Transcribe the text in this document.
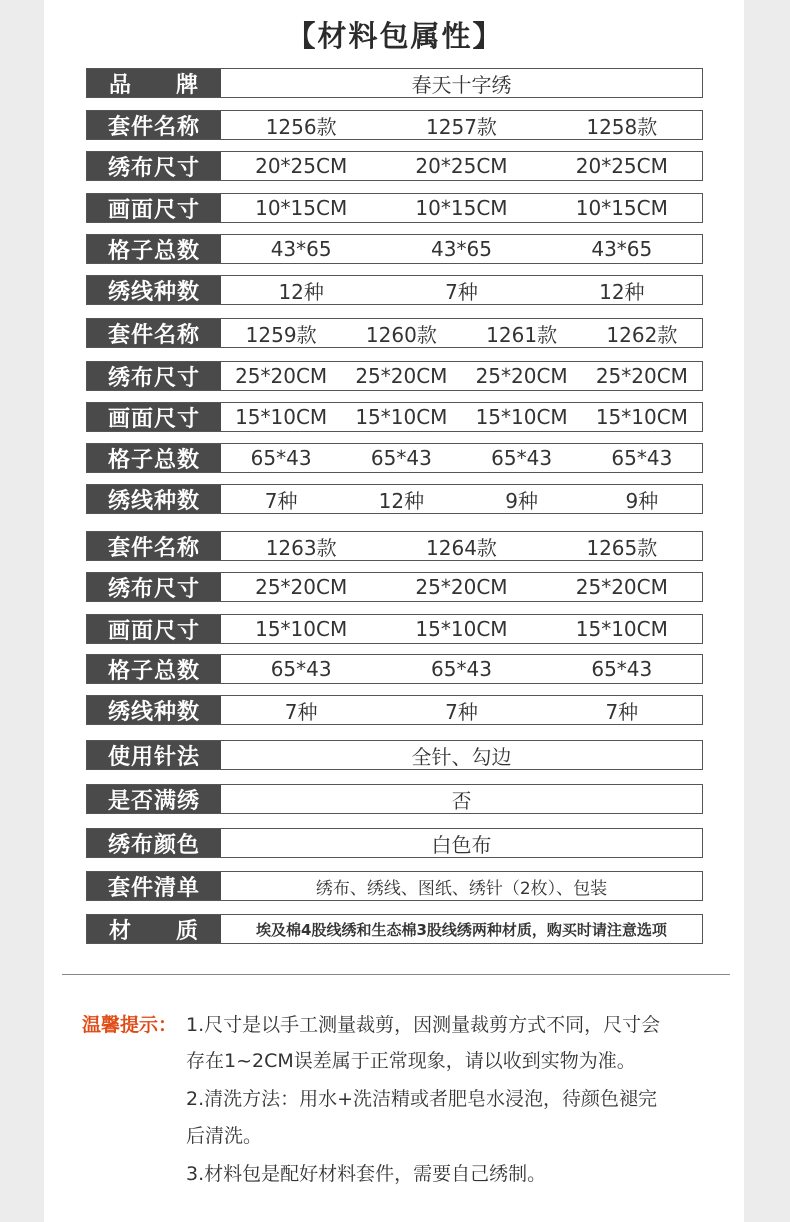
【材料包属性】
品 牌	春天十字绣
套件名称	1256款	1257款	1258款
绣布尺寸	20*25CM	20*25CM	20*25CM
画面尺寸	10*15CM	10*15CM	10*15CM
格子总数	43*65	43*65	43*65
绣线种数	12种	7种	12种
套件名称	1259款	1260款	1261款	1262款
绣布尺寸	25*20CM	25*20CM	25*20CM	25*20CM
画面尺寸	15*10CM	15*10CM	15*10CM	15*10CM
格子总数	65*43	65*43	65*43	65*43
绣线种数	7种	12种	9种	9种
套件名称	1263款	1264款	1265款
绣布尺寸	25*20CM	25*20CM	25*20CM
画面尺寸	15*10CM	15*10CM	15*10CM
格子总数	65*43	65*43	65*43
绣线种数	7种	7种	7种
使用针法	全针、勾边
是否满绣	否
绣布颜色	白色布
套件清单	绣布、绣线、图纸、绣针（2枚）、包装
材 质	埃及棉4股线绣和生态棉3股线绣两种材质，购买时请注意选项
温馨提示： 1.尺寸是以手工测量裁剪，因测量裁剪方式不同，尺寸会
存在1~2CM误差属于正常现象，请以收到实物为准。
2.清洗方法：用水+洗洁精或者肥皂水浸泡，待颜色褪完
后清洗。
3.材料包是配好材料套件，需要自己绣制。
